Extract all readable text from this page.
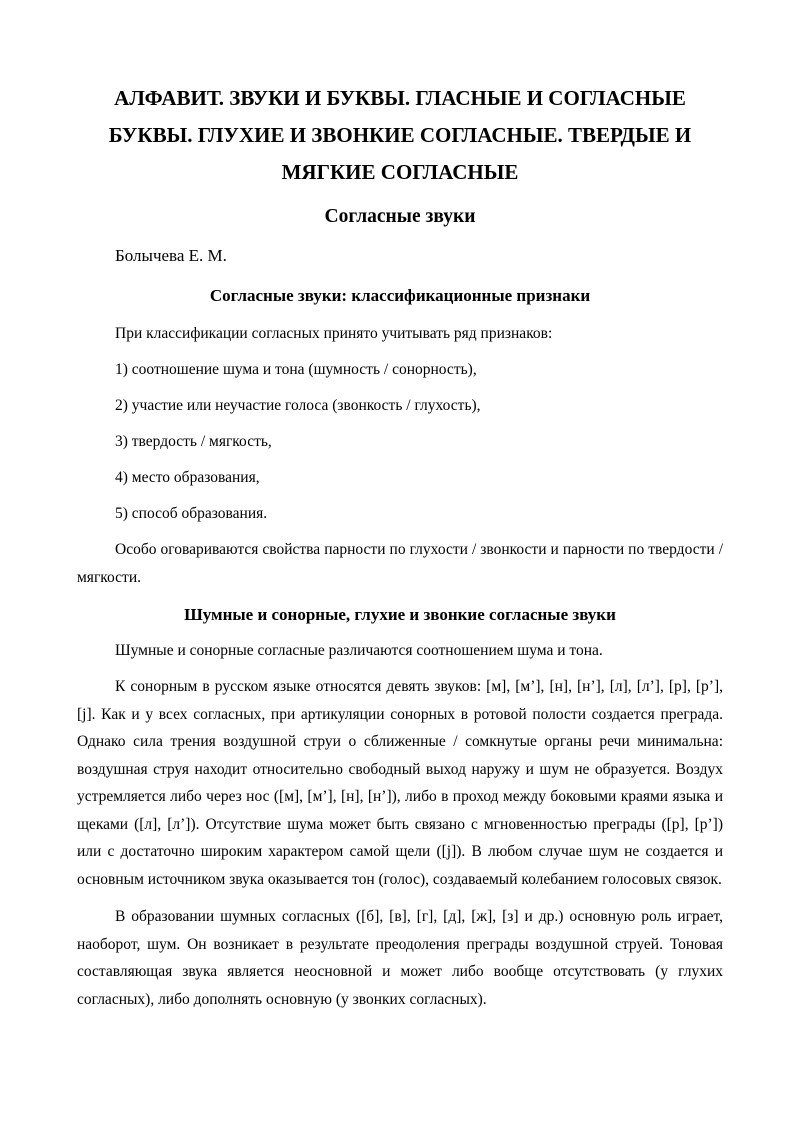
АЛФАВИТ. ЗВУКИ И БУКВЫ. ГЛАСНЫЕ И СОГЛАСНЫЕ
БУКВЫ. ГЛУХИЕ И ЗВОНКИЕ СОГЛАСНЫЕ. ТВЕРДЫЕ И
МЯГКИЕ СОГЛАСНЫЕ
Согласные звуки

Болычева Е. М.

Согласные звуки: классификационные признаки

При классификации согласных принято учитывать ряд признаков:

1) соотношение шума и тона (шумность / сонорность),

2) участие или неучастие голоса (звонкость / глухость),

3) твердость / мягкость,

4) место образования,

5) способ образования.

Особо оговариваются свойства парности по глухости / звонкости и парности по твердости / мягкости.

Шумные и сонорные, глухие и звонкие согласные звуки

Шумные и сонорные согласные различаются соотношением шума и тона.

К сонорным в русском языке относятся девять звуков: [м], [м’], [н], [н’], [л], [л’], [р], [р’], [j]. Как и у всех согласных, при артикуляции сонорных в ротовой полости создается преграда. Однако сила трения воздушной струи о сближенные / сомкнутые органы речи минимальна: воздушная струя находит относительно свободный выход наружу и шум не образуется. Воздух устремляется либо через нос ([м], [м’], [н], [н’]), либо в проход между боковыми краями языка и щеками ([л], [л’]). Отсутствие шума может быть связано с мгновенностью преграды ([р], [р’]) или с достаточно широким характером самой щели ([j]). В любом случае шум не создается и основным источником звука оказывается тон (голос), создаваемый колебанием голосовых связок.

В образовании шумных согласных ([б], [в], [г], [д], [ж], [з] и др.) основную роль играет, наоборот, шум. Он возникает в результате преодоления преграды воздушной струей. Тоновая составляющая звука является неосновной и может либо вообще отсутствовать (у глухих согласных), либо дополнять основную (у звонких согласных).
